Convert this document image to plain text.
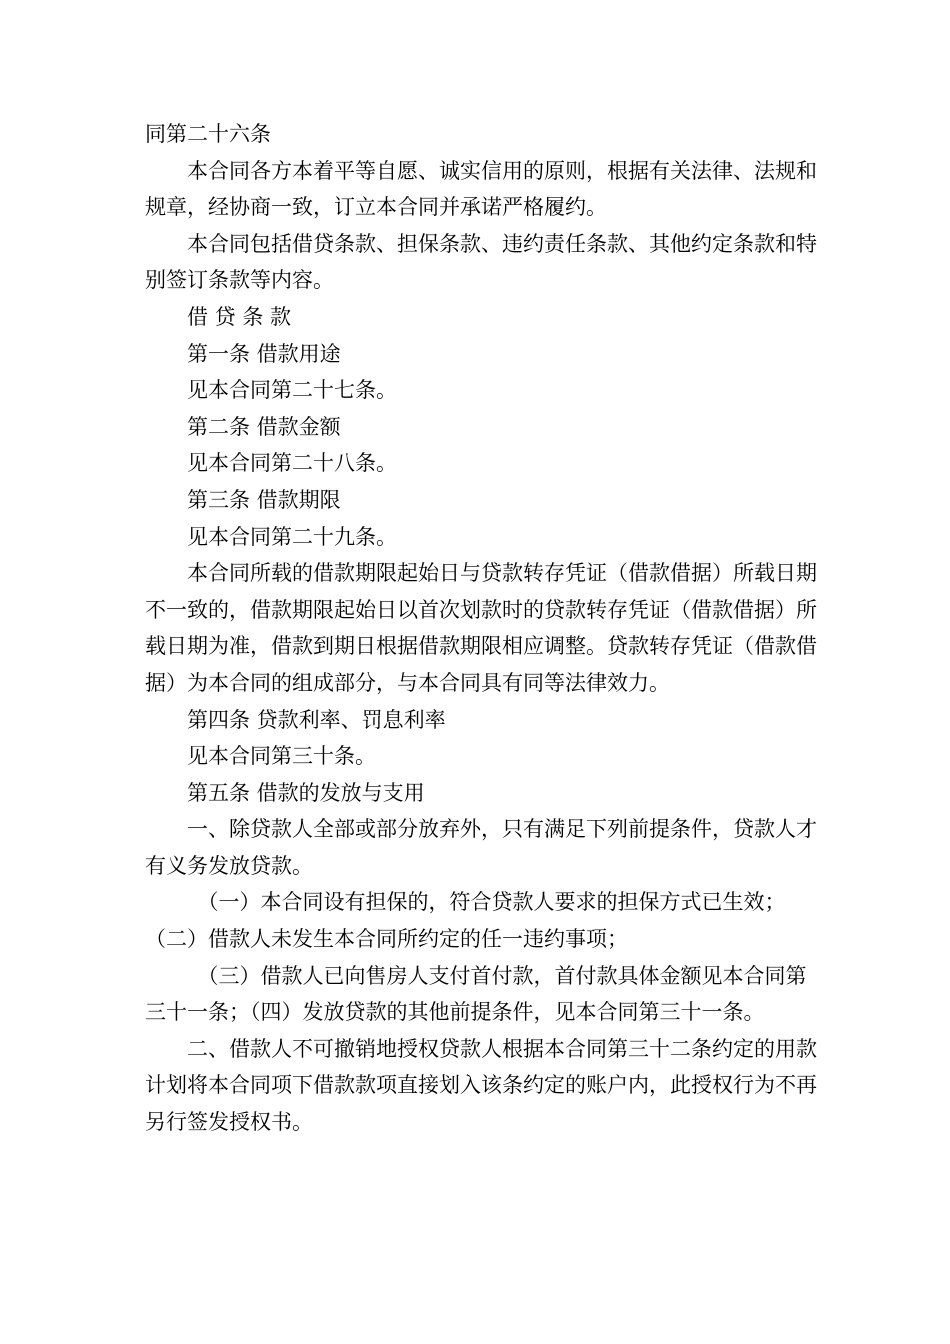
同第二十六条

本合同各方本着平等自愿、诚实信用的原则，根据有关法律、法规和规章，经协商一致，订立本合同并承诺严格履约。

本合同包括借贷条款、担保条款、违约责任条款、其他约定条款和特别签订条款等内容。

借 贷 条 款

第一条 借款用途

见本合同第二十七条。

第二条 借款金额

见本合同第二十八条。

第三条 借款期限

见本合同第二十九条。

本合同所载的借款期限起始日与贷款转存凭证（借款借据）所载日期不一致的，借款期限起始日以首次划款时的贷款转存凭证（借款借据）所载日期为准，借款到期日根据借款期限相应调整。贷款转存凭证（借款借据）为本合同的组成部分，与本合同具有同等法律效力。

第四条 贷款利率、罚息利率

见本合同第三十条。

第五条 借款的发放与支用

一、除贷款人全部或部分放弃外，只有满足下列前提条件，贷款人才有义务发放贷款。

（一）本合同设有担保的，符合贷款人要求的担保方式已生效；

（二）借款人未发生本合同所约定的任一违约事项；

（三）借款人已向售房人支付首付款，首付款具体金额见本合同第三十一条；（四）发放贷款的其他前提条件，见本合同第三十一条。

二、借款人不可撤销地授权贷款人根据本合同第三十二条约定的用款计划将本合同项下借款款项直接划入该条约定的账户内，此授权行为不再另行签发授权书。
